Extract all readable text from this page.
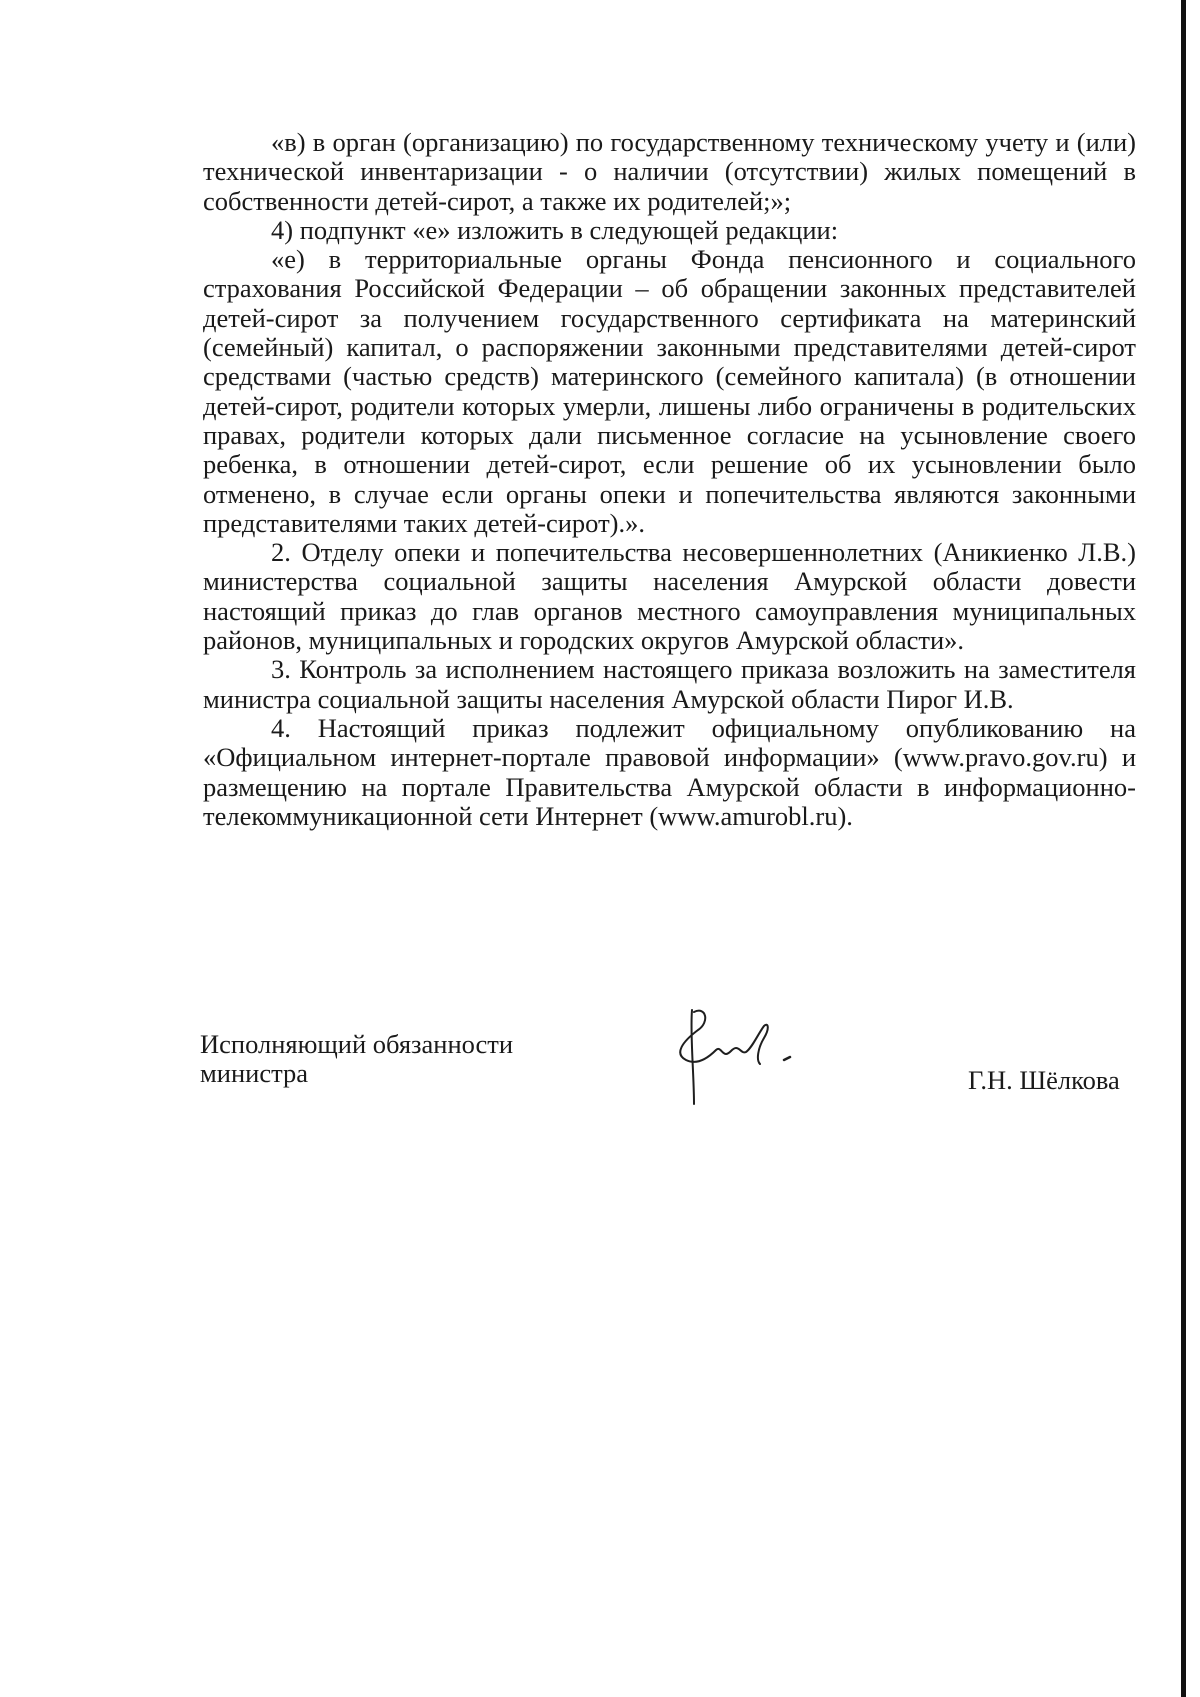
«в) в орган (организацию) по государственному техническому учету и (или) технической инвентаризации - о наличии (отсутствии) жилых помещений в собственности детей-сирот, а также их родителей;»;

4) подпункт «е» изложить в следующей редакции:

«е) в территориальные органы Фонда пенсионного и социального страхования Российской Федерации – об обращении законных представителей детей-сирот за получением государственного сертификата на материнский (семейный) капитал, о распоряжении законными представителями детей-сирот средствами (частью средств) материнского (семейного капитала) (в отношении детей-сирот, родители которых умерли, лишены либо ограничены в родительских правах, родители которых дали письменное согласие на усыновление своего ребенка, в отношении детей-сирот, если решение об их усыновлении было отменено, в случае если органы опеки и попечительства являются законными представителями таких детей-сирот).».

2. Отделу опеки и попечительства несовершеннолетних (Аникиенко Л.В.) министерства социальной защиты населения Амурской области довести настоящий приказ до глав органов местного самоуправления муниципальных районов, муниципальных и городских округов Амурской области».

3. Контроль за исполнением настоящего приказа возложить на заместителя министра социальной защиты населения Амурской области Пирог И.В.

4. Настоящий приказ подлежит официальному опубликованию на «Официальном интернет-портале правовой информации» (www.pravo.gov.ru) и размещению на портале Правительства Амурской области в информационно-телекоммуникационной сети Интернет (www.amurobl.ru).

Исполняющий обязанности
министра	Г.Н. Шёлкова
